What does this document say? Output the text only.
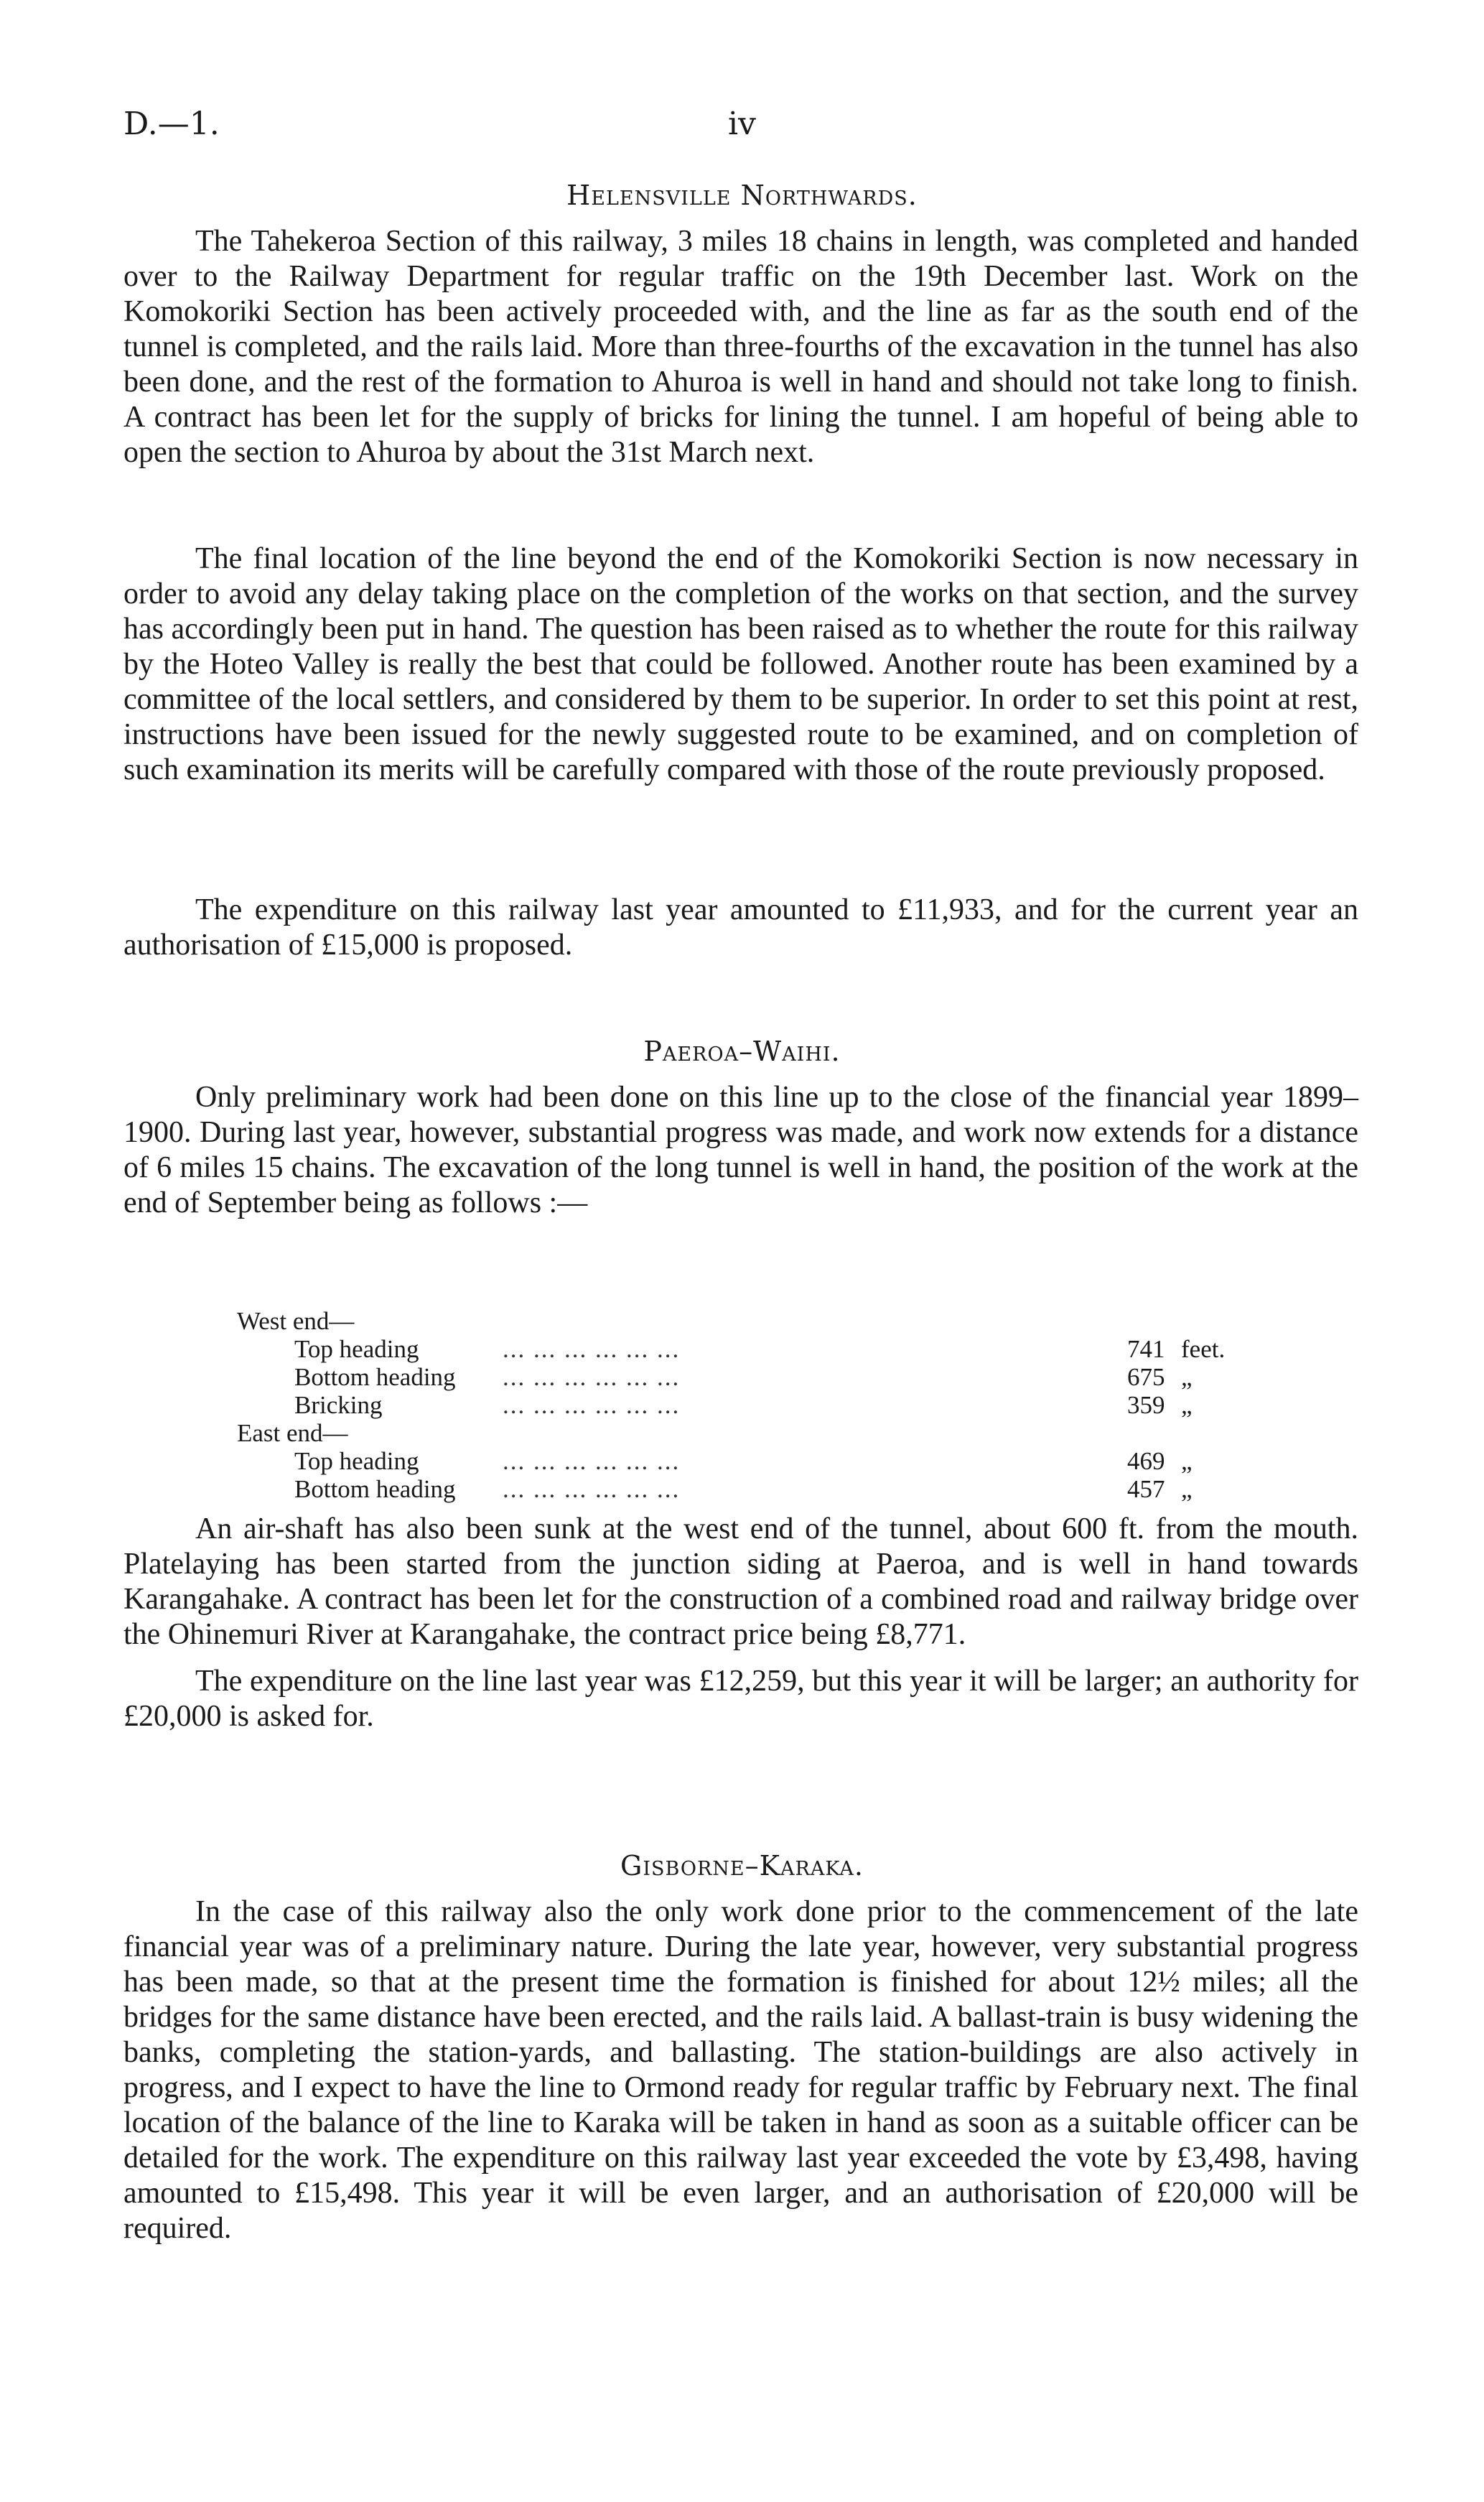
D.—1.	iv
Helensville Northwards.

The Tahekeroa Section of this railway, 3 miles 18 chains in length, was completed and handed over to the Railway Department for regular traffic on the 19th December last. Work on the Komokoriki Section has been actively proceeded with, and the line as far as the south end of the tunnel is completed, and the rails laid. More than three-fourths of the excavation in the tunnel has also been done, and the rest of the formation to Ahuroa is well in hand and should not take long to finish. A contract has been let for the supply of bricks for lining the tunnel. I am hopeful of being able to open the section to Ahuroa by about the 31st March next.

The final location of the line beyond the end of the Komokoriki Section is now necessary in order to avoid any delay taking place on the completion of the works on that section, and the survey has accordingly been put in hand. The question has been raised as to whether the route for this railway by the Hoteo Valley is really the best that could be followed. Another route has been examined by a committee of the local settlers, and considered by them to be superior. In order to set this point at rest, instructions have been issued for the newly suggested route to be examined, and on completion of such examination its merits will be carefully compared with those of the route previously proposed.

The expenditure on this railway last year amounted to £11,933, and for the current year an authorisation of £15,000 is proposed.

Paeroa–Waihi.

Only preliminary work had been done on this line up to the close of the financial year 1899–1900. During last year, however, substantial progress was made, and work now extends for a distance of 6 miles 15 chains. The excavation of the long tunnel is well in hand, the position of the work at the end of September being as follows :—

West end—
Top heading	... ... ... ... ... ...	741 feet.
Bottom heading ... ... ... ... ... ...	675 „
Bricking	... ... ... ... ... ...	359 „
East end—
Top heading	... ... ... ... ... ...	469 „
Bottom heading ... ... ... ... ... ...	457 „

An air-shaft has also been sunk at the west end of the tunnel, about 600 ft. from the mouth. Platelaying has been started from the junction siding at Paeroa, and is well in hand towards Karangahake. A contract has been let for the construction of a combined road and railway bridge over the Ohinemuri River at Karangahake, the contract price being £8,771.

The expenditure on the line last year was £12,259, but this year it will be larger; an authority for £20,000 is asked for.

Gisborne–Karaka.

In the case of this railway also the only work done prior to the commencement of the late financial year was of a preliminary nature. During the late year, however, very substantial progress has been made, so that at the present time the formation is finished for about 12½ miles; all the bridges for the same distance have been erected, and the rails laid. A ballast-train is busy widening the banks, completing the station-yards, and ballasting. The station-buildings are also actively in progress, and I expect to have the line to Ormond ready for regular traffic by February next. The final location of the balance of the line to Karaka will be taken in hand as soon as a suitable officer can be detailed for the work. The expenditure on this railway last year exceeded the vote by £3,498, having amounted to £15,498. This year it will be even larger, and an authorisation of £20,000 will be required.
